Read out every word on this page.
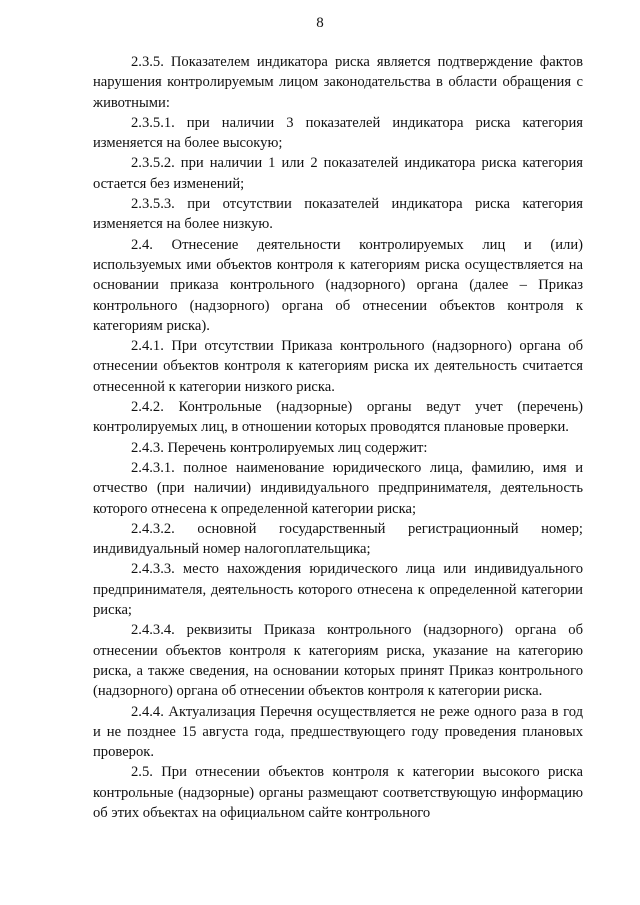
8

2.3.5. Показателем индикатора риска является подтверждение фактов нарушения контролируемым лицом законодательства в области обращения с животными:

2.3.5.1. при наличии 3 показателей индикатора риска категория изменяется на более высокую;

2.3.5.2. при наличии 1 или 2 показателей индикатора риска категория остается без изменений;

2.3.5.3. при отсутствии показателей индикатора риска категория изменяется на более низкую.

2.4. Отнесение деятельности контролируемых лиц и (или) используемых ими объектов контроля к категориям риска осуществляется на основании приказа контрольного (надзорного) органа (далее – Приказ контрольного (надзорного) органа об отнесении объектов контроля к категориям риска).

2.4.1. При отсутствии Приказа контрольного (надзорного) органа об отнесении объектов контроля к категориям риска их деятельность считается отнесенной к категории низкого риска.

2.4.2. Контрольные (надзорные) органы ведут учет (перечень) контролируемых лиц, в отношении которых проводятся плановые проверки.

2.4.3. Перечень контролируемых лиц содержит:

2.4.3.1. полное наименование юридического лица, фамилию, имя и отчество (при наличии) индивидуального предпринимателя, деятельность которого отнесена к определенной категории риска;

2.4.3.2. основной государственный регистрационный номер; индивидуальный номер налогоплательщика;

2.4.3.3. место нахождения юридического лица или индивидуального предпринимателя, деятельность которого отнесена к определенной категории риска;

2.4.3.4. реквизиты Приказа контрольного (надзорного) органа об отнесении объектов контроля к категориям риска, указание на категорию риска, а также сведения, на основании которых принят Приказ контрольного (надзорного) органа об отнесении объектов контроля к категории риска.

2.4.4. Актуализация Перечня осуществляется не реже одного раза в год и не позднее 15 августа года, предшествующего году проведения плановых проверок.

2.5. При отнесении объектов контроля к категории высокого риска контрольные (надзорные) органы размещают соответствующую информацию об этих объектах на официальном сайте контрольного
